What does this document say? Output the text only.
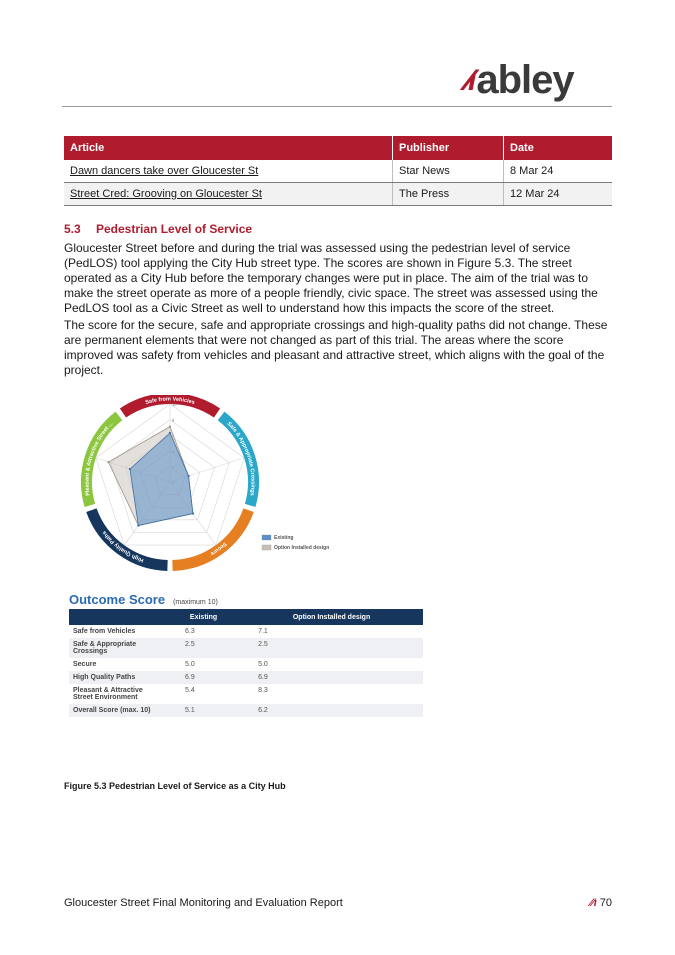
⁄⁄ı abley
Article	Publisher	Date
Dawn dancers take over Gloucester St	Star News	8 Mar 24
Street Cred: Grooving on Gloucester St	The Press	12 Mar 24
5.3 Pedestrian Level of Service

Gloucester Street before and during the trial was assessed using the pedestrian level of service (PedLOS) tool applying the City Hub street type. The scores are shown in Figure 5.3. The street operated as a City Hub before the temporary changes were put in place. The aim of the trial was to make the street operate as more of a people friendly, civic space. The street was assessed using the PedLOS tool as a Civic Street as well to understand how this impacts the score of the street.

The score for the secure, safe and appropriate crossings and high-quality paths did not change. These are permanent elements that were not changed as part of this trial. The areas where the score improved was safety from vehicles and pleasant and attractive street, which aligns with the goal of the project.

Safe from Vehicles
Safe & Appropriate Crossings
Secure
High Quality Paths
Pleasant & Attractive Street ...
10
8
Existing
Option Installed design
Outcome Score (maximum 10)
	Existing	Option Installed design
Safe from Vehicles	6.3	7.1
Safe & Appropriate Crossings	2.5	2.5
Secure	5.0	5.0
High Quality Paths	6.9	6.9
Pleasant & Attractive Street Environment	5.4	8.3
Overall Score (max. 10)	5.1	6.2
Figure 5.3 Pedestrian Level of Service as a City Hub
Gloucester Street Final Monitoring and Evaluation Report	⁄⁄ı 70
